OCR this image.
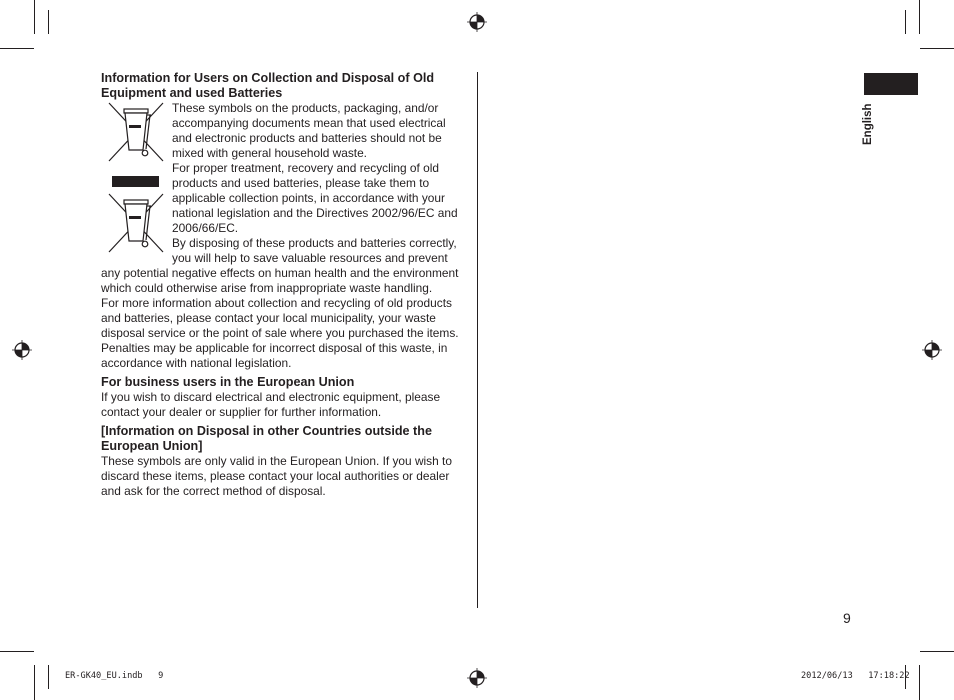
English
Information for Users on Collection and Disposal of Old
Equipment and used Batteries
These symbols on the products, packaging, and/or
accompanying documents mean that used electrical
and electronic products and batteries should not be
mixed with general household waste.
For proper treatment, recovery and recycling of old
products and used batteries, please take them to
applicable collection points, in accordance with your
national legislation and the Directives 2002/96/EC and
2006/66/EC.
By disposing of these products and batteries correctly,
you will help to save valuable resources and prevent
any potential negative effects on human health and the environment
which could otherwise arise from inappropriate waste handling.
For more information about collection and recycling of old products
and batteries, please contact your local municipality, your waste
disposal service or the point of sale where you purchased the items.
Penalties may be applicable for incorrect disposal of this waste, in
accordance with national legislation.
For business users in the European Union
If you wish to discard electrical and electronic equipment, please
contact your dealer or supplier for further information.
[Information on Disposal in other Countries outside the
European Union]
These symbols are only valid in the European Union. If you wish to
discard these items, please contact your local authorities or dealer
and ask for the correct method of disposal.
9
ER-GK40_EU.indb   9	2012/06/13   17:18:22
